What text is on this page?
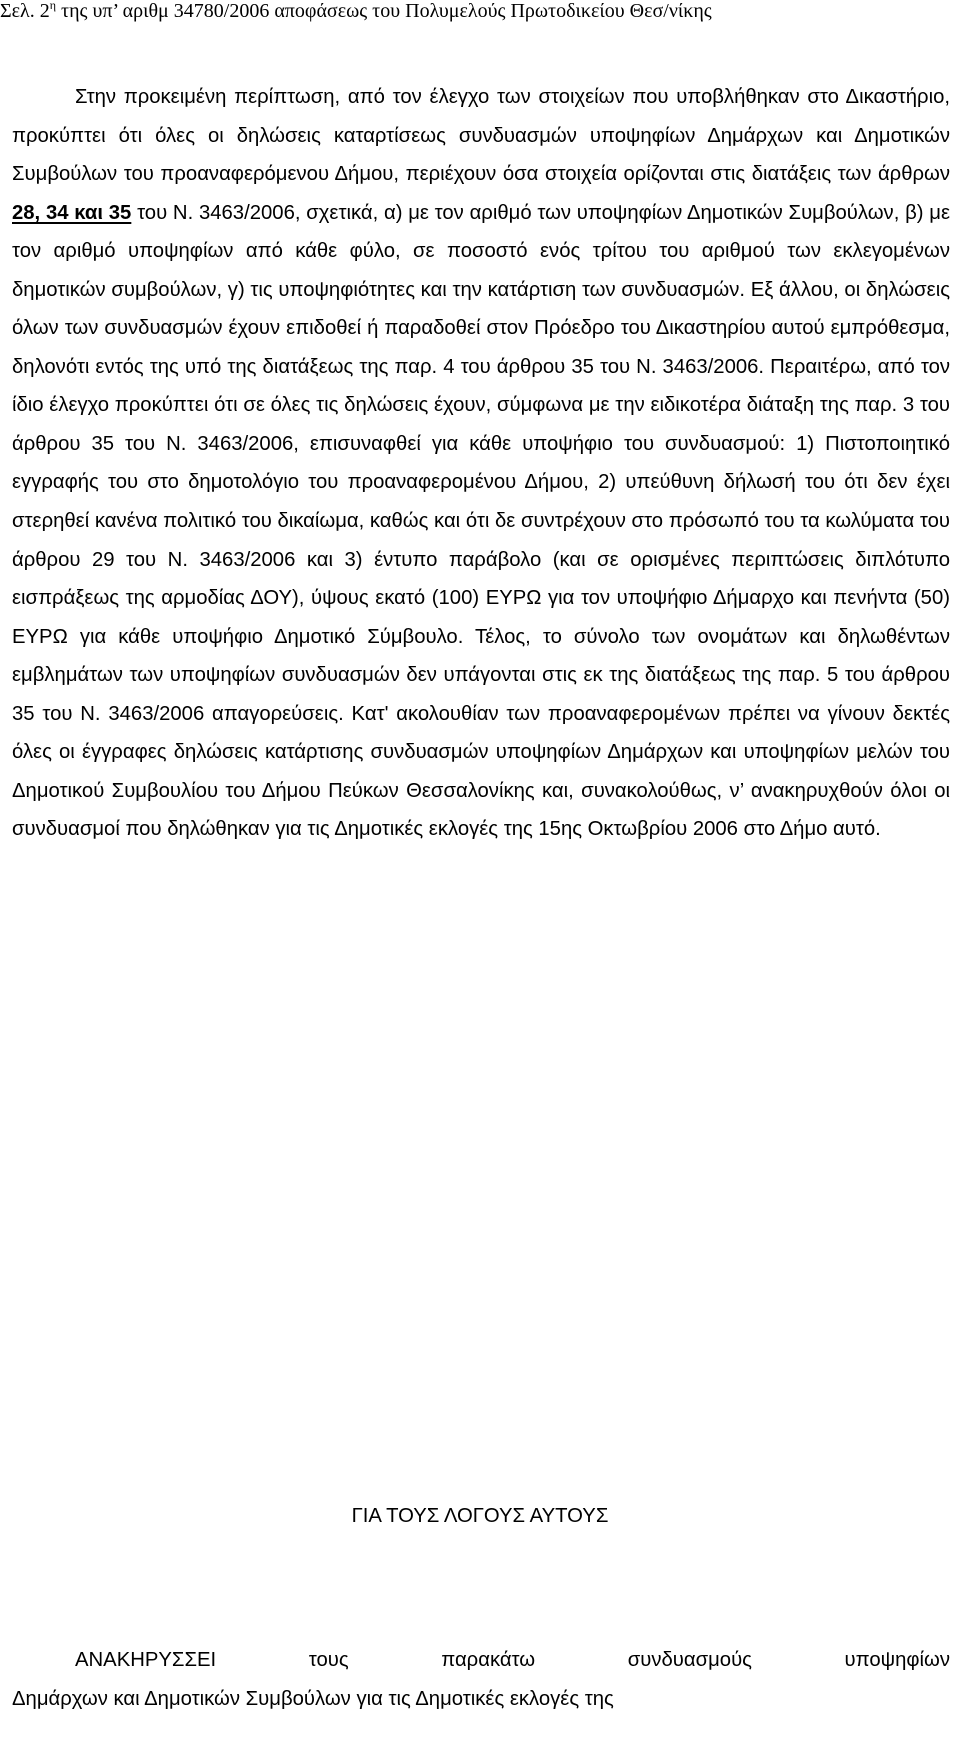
Σελ. $2^\eta$ της υπ’ αριθμ 34780/2006 αποφάσεως του Πολυμελούς Πρωτοδικείου Θεσ/νίκης

Στην προκειμένη περίπτωση, από τον έλεγχο των στοιχείων που υποβλήθηκαν στο Δικαστήριο, προκύπτει ότι όλες οι δηλώσεις καταρτίσεως συνδυασμών υποψηφίων Δημάρχων και Δημοτικών Συμβούλων του προαναφερόμενου Δήμου, περιέχουν όσα στοιχεία ορίζονται στις διατάξεις των άρθρων 28, 34 και 35 του Ν. 3463/2006, σχετικά, α) με τον αριθμό των υποψηφίων Δημοτικών Συμβούλων, β) με τον αριθμό υποψηφίων από κάθε φύλο, σε ποσοστό ενός τρίτου του αριθμού των εκλεγομένων δημοτικών συμβούλων, γ) τις υποψηφιότητες και την κατάρτιση των συνδυασμών. Εξ άλλου, οι δηλώσεις όλων των συνδυασμών έχουν επιδοθεί ή παραδοθεί στον Πρόεδρο του Δικαστηρίου αυτού εμπρόθεσμα, δηλονότι εντός της υπό της διατάξεως της παρ. 4 του άρθρου 35 του Ν. 3463/2006. Περαιτέρω, από τον ίδιο έλεγχο προκύπτει ότι σε όλες τις δηλώσεις έχουν, σύμφωνα με την ειδικοτέρα διάταξη της παρ. 3 του άρθρου 35 του Ν. 3463/2006, επισυναφθεί για κάθε υποψήφιο του συνδυασμού: 1) Πιστοποιητικό εγγραφής του στο δημοτολόγιο του προαναφερομένου Δήμου, 2) υπεύθυνη δήλωσή του ότι δεν έχει στερηθεί κανένα πολιτικό του δικαίωμα, καθώς και ότι δε συντρέχουν στο πρόσωπό του τα κωλύματα του άρθρου 29 του Ν. 3463/2006 και 3) έντυπο παράβολο (και σε ορισμένες περιπτώσεις διπλότυπο εισπράξεως της αρμοδίας ΔΟΥ), ύψους εκατό (100) ΕΥΡΩ για τον υποψήφιο Δήμαρχο και πενήντα (50) ΕΥΡΩ για κάθε υποψήφιο Δημοτικό Σύμβουλο. Τέλος, το σύνολο των ονομάτων και δηλωθέντων εμβλημάτων των υποψηφίων συνδυασμών δεν υπάγονται στις εκ της διατάξεως της παρ. 5 του άρθρου 35 του Ν. 3463/2006 απαγορεύσεις. Κατ' ακολουθίαν των προαναφερομένων πρέπει να γίνουν δεκτές όλες οι έγγραφες δηλώσεις κατάρτισης συνδυασμών υποψηφίων Δημάρχων και υποψηφίων μελών του Δημοτικού Συμβουλίου του Δήμου Πεύκων Θεσσαλονίκης και, συνακολούθως, ν’ ανακηρυχθούν όλοι οι συνδυασμοί που δηλώθηκαν για τις Δημοτικές εκλογές της 15ης Οκτωβρίου 2006 στο Δήμο αυτό.

ΓΙΑ ΤΟΥΣ ΛΟΓΟΥΣ ΑΥΤΟΥΣ

ΑΝΑΚΗΡΥΣΣΕΙ τους παρακάτω συνδυασμούς υποψηφίων
Δημάρχων και Δημοτικών Συμβούλων για τις Δημοτικές εκλογές της
